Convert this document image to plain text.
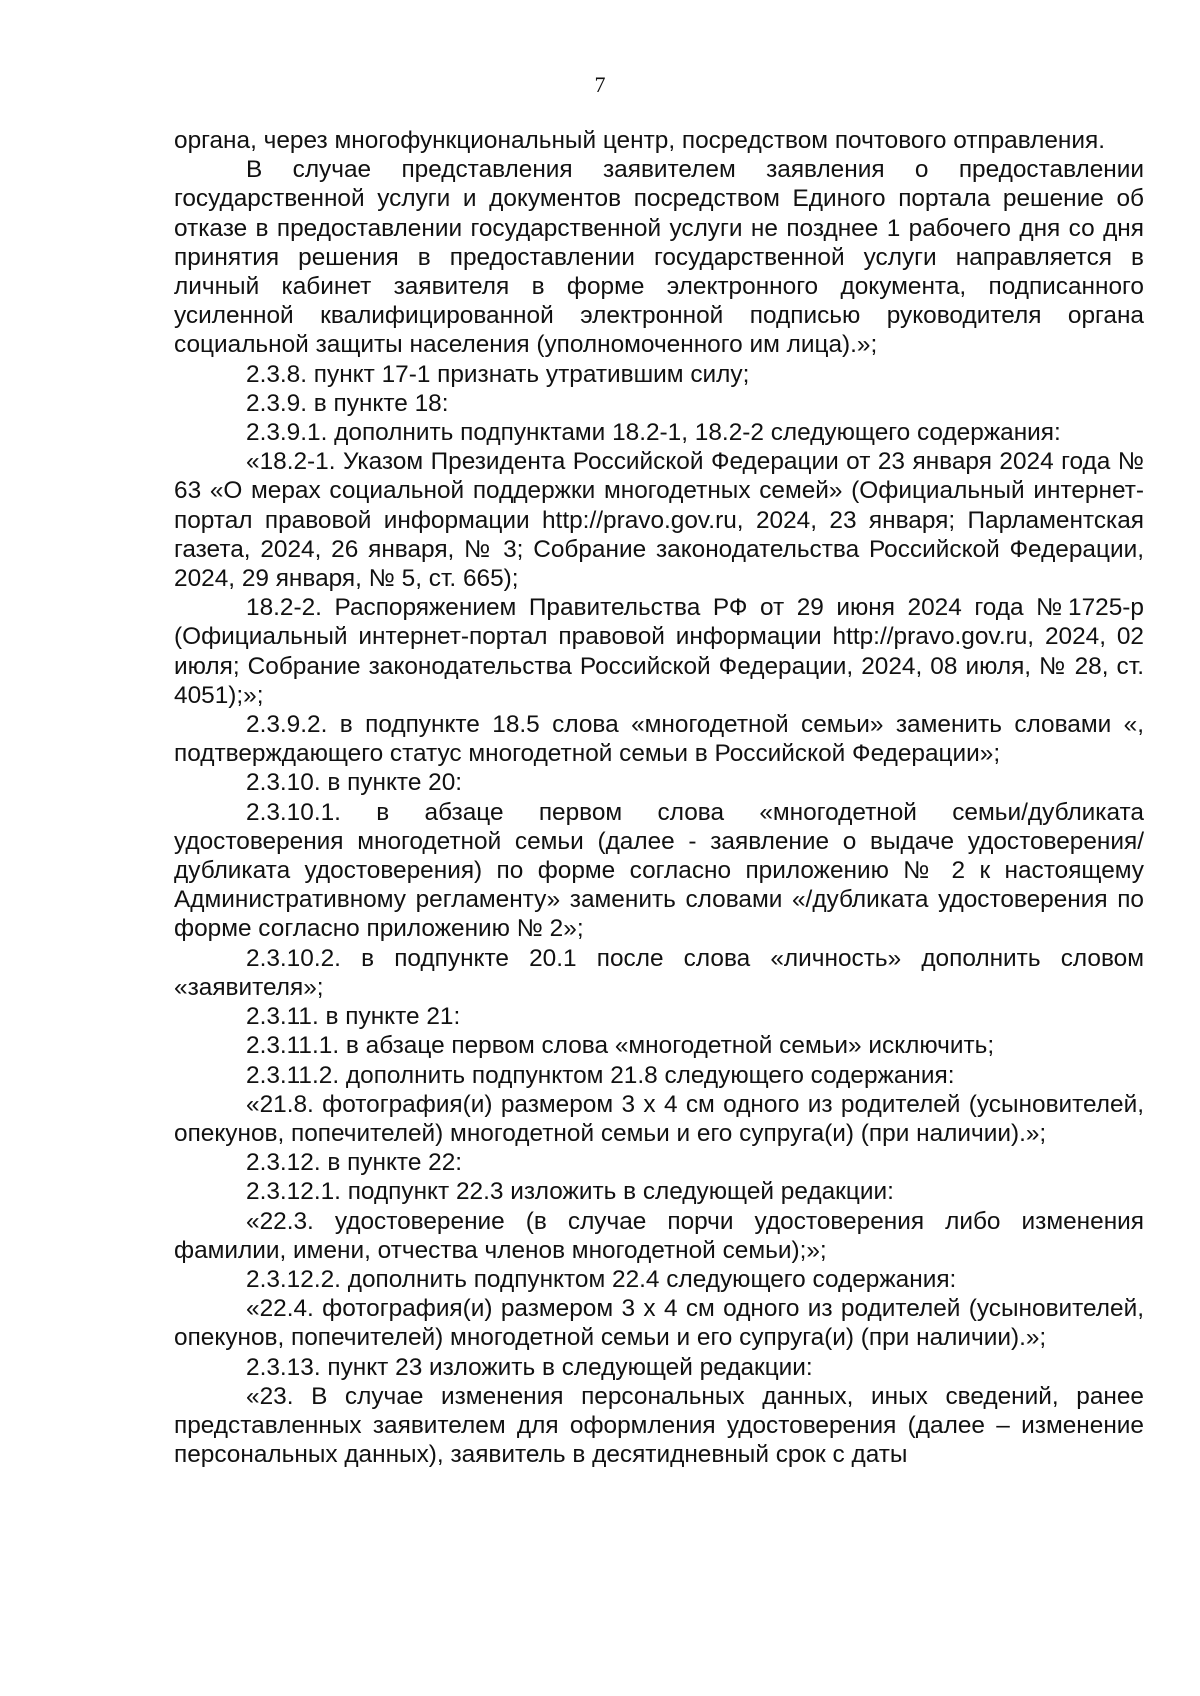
7

органа, через многофункциональный центр, посредством почтового отправления.

В случае представления заявителем заявления о предоставлении государственной услуги и документов посредством Единого портала решение об отказе в предоставлении государственной услуги не позднее 1 рабочего дня со дня принятия решения в предоставлении государственной услуги направляется в личный кабинет заявителя в форме электронного документа, подписанного усиленной квалифицированной электронной подписью руководителя органа социальной защиты населения (уполномоченного им лица).»;

2.3.8. пункт 17-1 признать утратившим силу;

2.3.9. в пункте 18:

2.3.9.1. дополнить подпунктами 18.2-1, 18.2-2 следующего содержания:

«18.2-1. Указом Президента Российской Федерации от 23 января 2024 года № 63 «О мерах социальной поддержки многодетных семей» (Официальный интернет-портал правовой информации http://pravo.gov.ru, 2024, 23 января; Парламентская газета, 2024, 26 января, № 3; Собрание законодательства Российской Федерации, 2024, 29 января, № 5, ст. 665);

18.2-2. Распоряжением Правительства РФ от 29 июня 2024 года №1725-р (Официальный интернет-портал правовой информации http://pravo.gov.ru, 2024, 02 июля; Собрание законодательства Российской Федерации, 2024, 08 июля, № 28, ст. 4051);»;

2.3.9.2. в подпункте 18.5 слова «многодетной семьи» заменить словами «, подтверждающего статус многодетной семьи в Российской Федерации»;

2.3.10. в пункте 20:

2.3.10.1. в абзаце первом слова «многодетной семьи/дубликата удостоверения многодетной семьи (далее - заявление о выдаче удостоверения/дубликата удостоверения) по форме согласно приложению № 2 к настоящему Административному регламенту» заменить словами «/дубликата удостоверения по форме согласно приложению № 2»;

2.3.10.2. в подпункте 20.1 после слова «личность» дополнить словом «заявителя»;

2.3.11. в пункте 21:

2.3.11.1. в абзаце первом слова «многодетной семьи» исключить;

2.3.11.2. дополнить подпунктом 21.8 следующего содержания:

«21.8. фотография(и) размером 3 х 4 см одного из родителей (усыновителей, опекунов, попечителей) многодетной семьи и его супруга(и) (при наличии).»;

2.3.12. в пункте 22:

2.3.12.1. подпункт 22.3 изложить в следующей редакции:

«22.3. удостоверение (в случае порчи удостоверения либо изменения фамилии, имени, отчества членов многодетной семьи);»;

2.3.12.2. дополнить подпунктом 22.4 следующего содержания:

«22.4. фотография(и) размером 3 х 4 см одного из родителей (усыновителей, опекунов, попечителей) многодетной семьи и его супруга(и) (при наличии).»;

2.3.13. пункт 23 изложить в следующей редакции:

«23. В случае изменения персональных данных, иных сведений, ранее представленных заявителем для оформления удостоверения (далее – изменение персональных данных), заявитель в десятидневный срок с даты
